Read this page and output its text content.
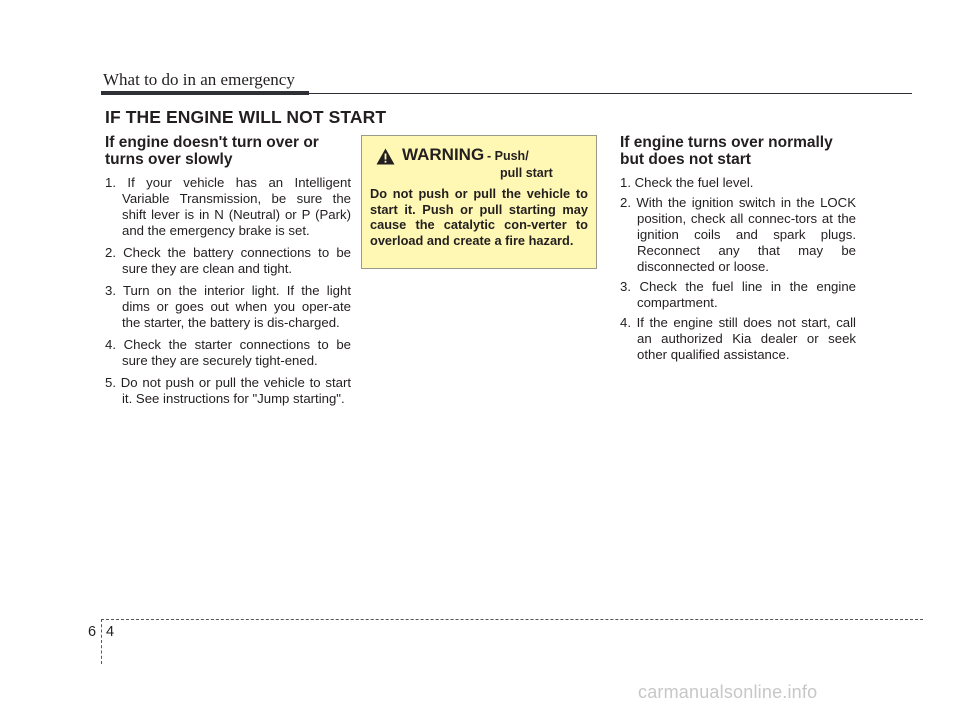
What to do in an emergency
IF THE ENGINE WILL NOT START
If engine doesn't turn over or turns over slowly
1. If your vehicle has an Intelligent Variable Transmission, be sure the shift lever is in N (Neutral) or P (Park) and the emergency brake is set.
2. Check the battery connections to be sure they are clean and tight.
3. Turn on the interior light. If the light dims or goes out when you oper-ate the starter, the battery is dis-charged.
4. Check the starter connections to be sure they are securely tight-ened.
5. Do not push or pull the vehicle to start it. See instructions for "Jump starting".
WARNING - Push/
pull start
Do not push or pull the vehicle to start it. Push or pull starting may cause the catalytic con-verter to overload and create a fire hazard.
If engine turns over normally but does not start
1. Check the fuel level.
2. With the ignition switch in the LOCK position, check all connec-tors at the ignition coils and spark plugs. Reconnect any that may be disconnected or loose.
3. Check the fuel line in the engine compartment.
4. If the engine still does not start, call an authorized Kia dealer or seek other qualified assistance.
6 4
carmanualsonline.info
